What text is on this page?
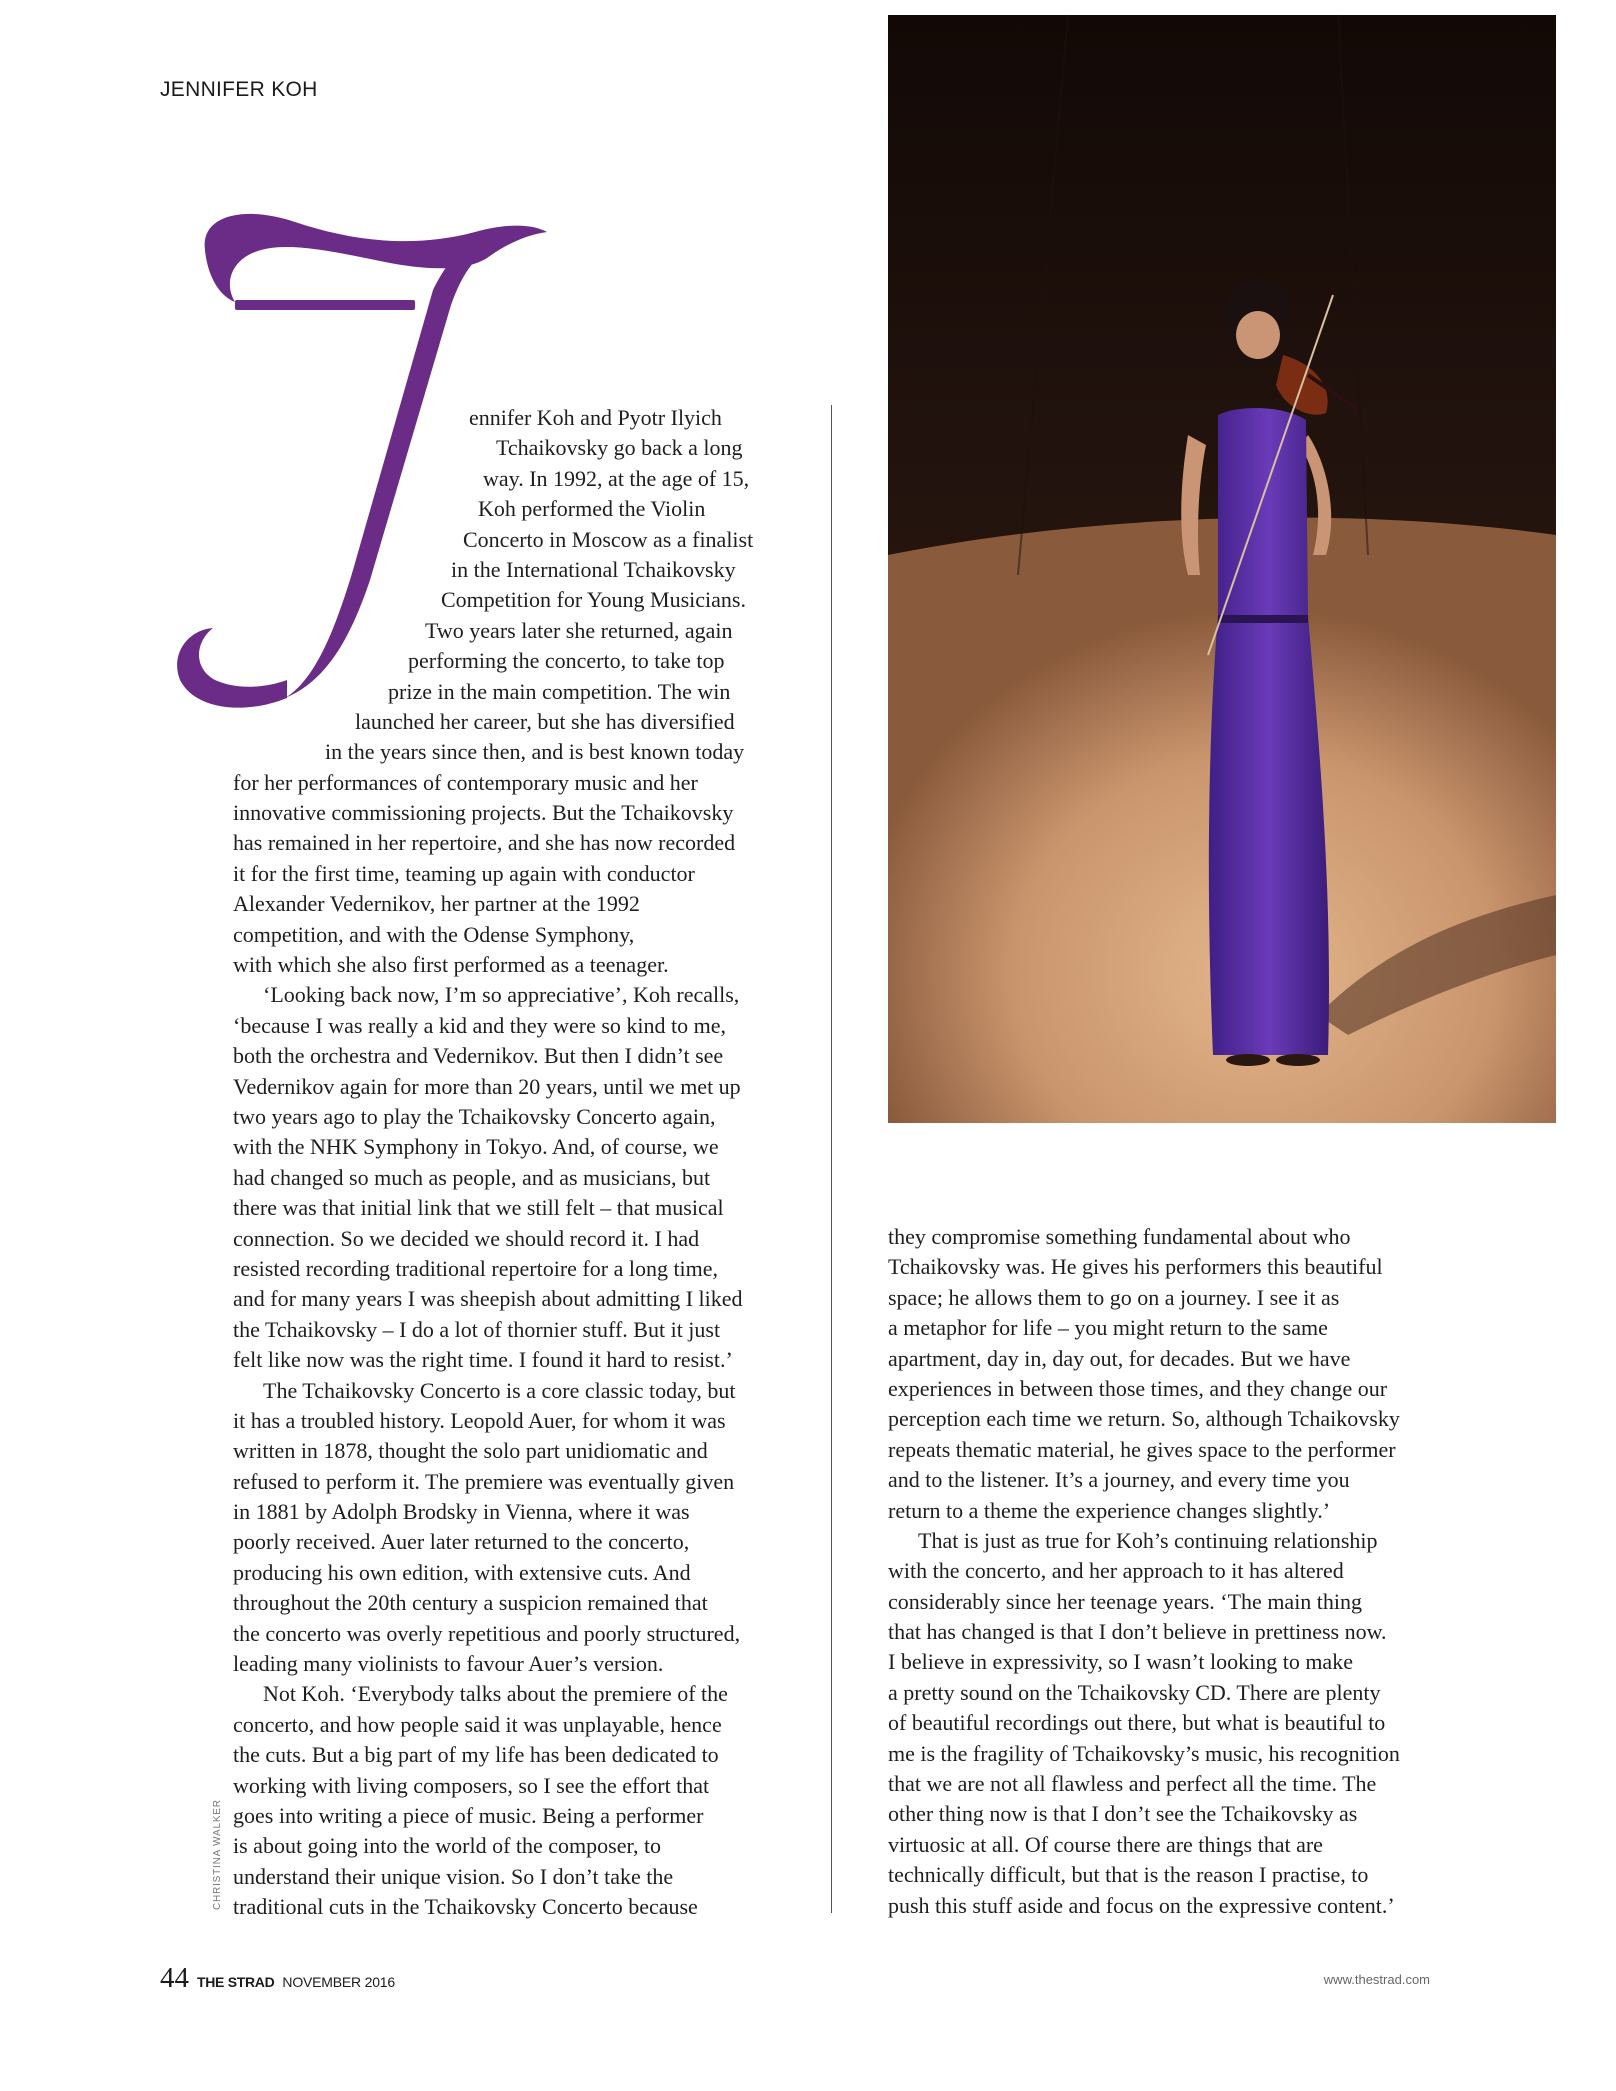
JENNIFER KOH
ennifer Koh and Pyotr Ilyich
Tchaikovsky go back a long
way. In 1992, at the age of 15,
Koh performed the Violin
Concerto in Moscow as a finalist
in the International Tchaikovsky
Competition for Young Musicians.
Two years later she returned, again
performing the concerto, to take top
prize in the main competition. The win
launched her career, but she has diversified
in the years since then, and is best known today
for her performances of contemporary music and her
innovative commissioning projects. But the Tchaikovsky
has remained in her repertoire, and she has now recorded
it for the first time, teaming up again with conductor
Alexander Vedernikov, her partner at the 1992
competition, and with the Odense Symphony,
with which she also first performed as a teenager.
‘Looking back now, I’m so appreciative’, Koh recalls,
‘because I was really a kid and they were so kind to me,
both the orchestra and Vedernikov. But then I didn’t see
Vedernikov again for more than 20 years, until we met up
two years ago to play the Tchaikovsky Concerto again,
with the NHK Symphony in Tokyo. And, of course, we
had changed so much as people, and as musicians, but
there was that initial link that we still felt – that musical
connection. So we decided we should record it. I had
resisted recording traditional repertoire for a long time,
and for many years I was sheepish about admitting I liked
the Tchaikovsky – I do a lot of thornier stuff. But it just
felt like now was the right time. I found it hard to resist.’
The Tchaikovsky Concerto is a core classic today, but
it has a troubled history. Leopold Auer, for whom it was
written in 1878, thought the solo part unidiomatic and
refused to perform it. The premiere was eventually given
in 1881 by Adolph Brodsky in Vienna, where it was
poorly received. Auer later returned to the concerto,
producing his own edition, with extensive cuts. And
throughout the 20th century a suspicion remained that
the concerto was overly repetitious and poorly structured,
leading many violinists to favour Auer’s version.
Not Koh. ‘Everybody talks about the premiere of the
concerto, and how people said it was unplayable, hence
the cuts. But a big part of my life has been dedicated to
working with living composers, so I see the effort that
goes into writing a piece of music. Being a performer
is about going into the world of the composer, to
understand their unique vision. So I don’t take the
traditional cuts in the Tchaikovsky Concerto because
they compromise something fundamental about who
Tchaikovsky was. He gives his performers this beautiful
space; he allows them to go on a journey. I see it as
a metaphor for life – you might return to the same
apartment, day in, day out, for decades. But we have
experiences in between those times, and they change our
perception each time we return. So, although Tchaikovsky
repeats thematic material, he gives space to the performer
and to the listener. It’s a journey, and every time you
return to a theme the experience changes slightly.’
That is just as true for Koh’s continuing relationship
with the concerto, and her approach to it has altered
considerably since her teenage years. ‘The main thing
that has changed is that I don’t believe in prettiness now.
I believe in expressivity, so I wasn’t looking to make
a pretty sound on the Tchaikovsky CD. There are plenty
of beautiful recordings out there, but what is beautiful to
me is the fragility of Tchaikovsky’s music, his recognition
that we are not all flawless and perfect all the time. The
other thing now is that I don’t see the Tchaikovsky as
virtuosic at all. Of course there are things that are
technically difficult, but that is the reason I practise, to
push this stuff aside and focus on the expressive content.’
CHRISTINA WALKER
44 THE STRAD NOVEMBER 2016	www.thestrad.com
